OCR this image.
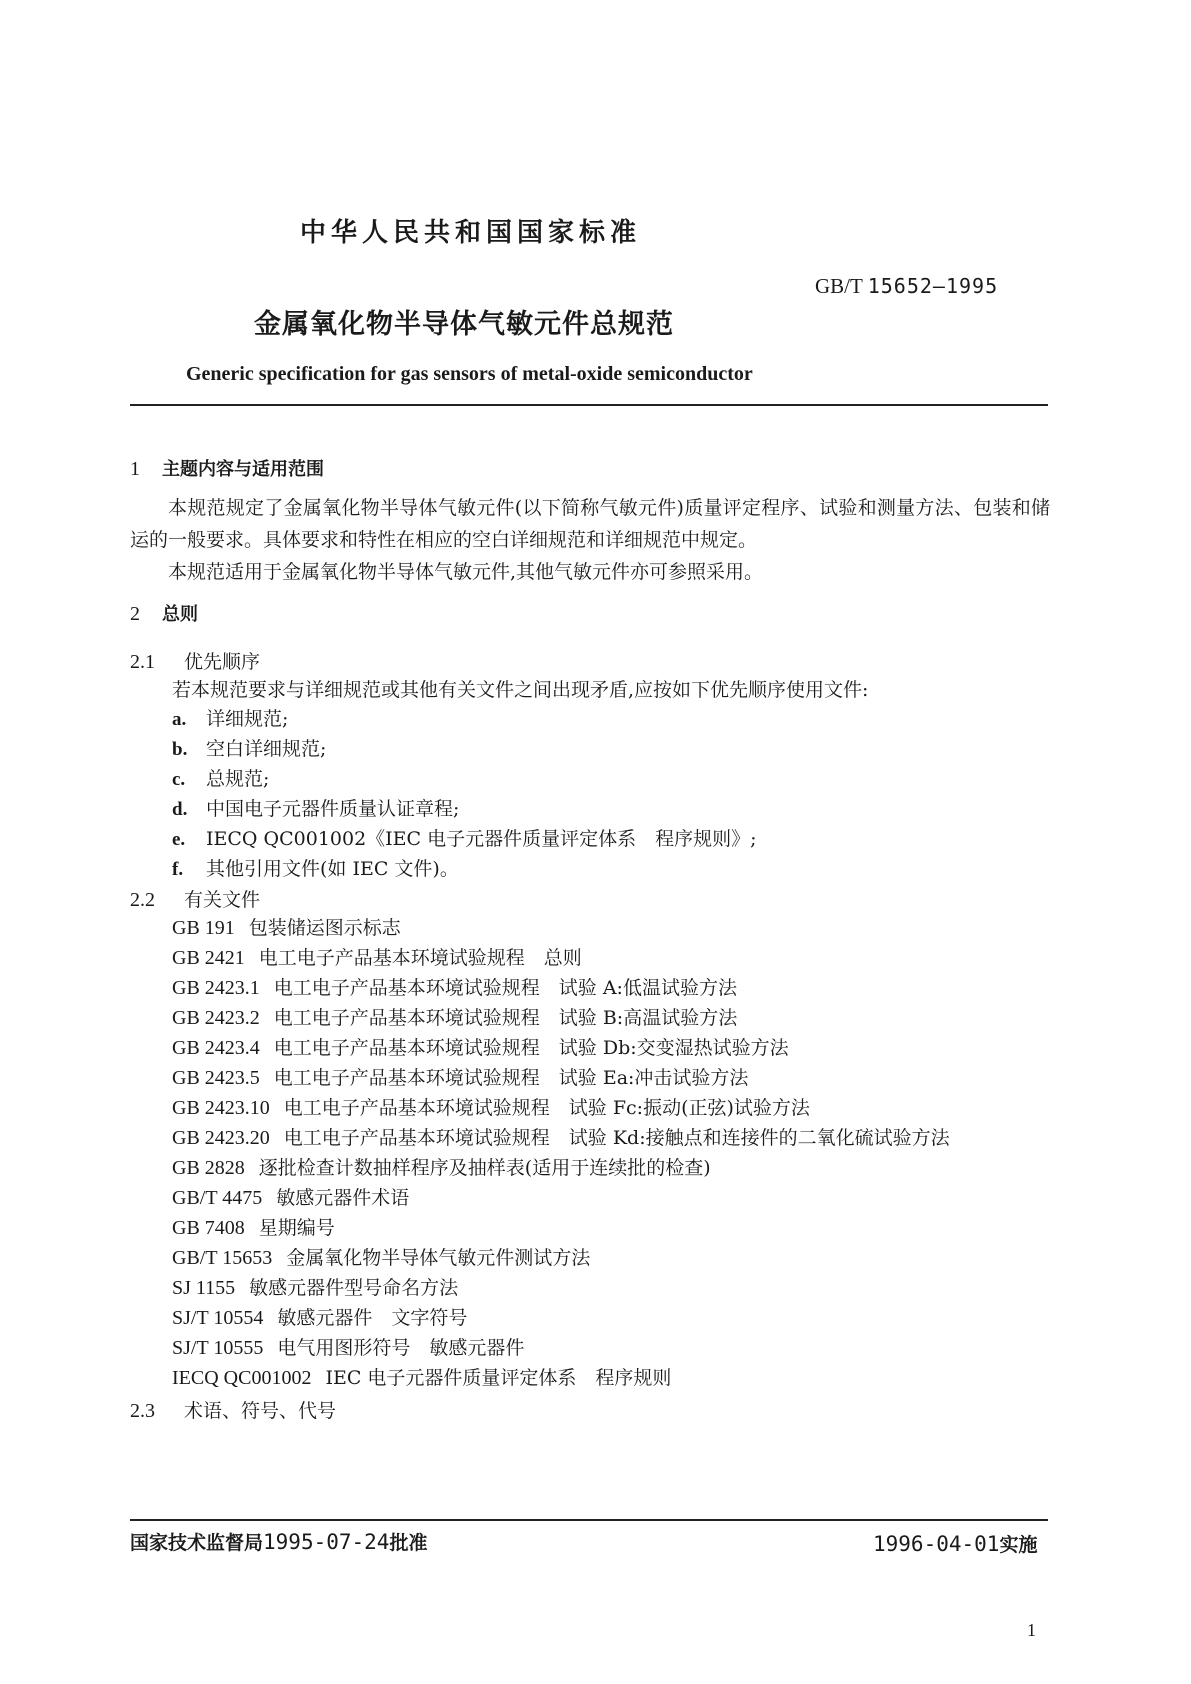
中华人民共和国国家标准
GB/T 15652—1995
金属氧化物半导体气敏元件总规范
Generic specification for gas sensors of metal-oxide semiconductor
1 主题内容与适用范围
本规范规定了金属氧化物半导体气敏元件(以下简称气敏元件)质量评定程序、试验和测量方法、包装和储运的一般要求。具体要求和特性在相应的空白详细规范和详细规范中规定。
本规范适用于金属氧化物半导体气敏元件,其他气敏元件亦可参照采用。
2 总则
2.1 优先顺序
若本规范要求与详细规范或其他有关文件之间出现矛盾,应按如下优先顺序使用文件:
a. 详细规范;
b. 空白详细规范;
c. 总规范;
d. 中国电子元器件质量认证章程;
e. IECQ QC001002《IEC 电子元器件质量评定体系　程序规则》;
f. 其他引用文件(如 IEC 文件)。
2.2 有关文件
GB 191 包装储运图示标志
GB 2421 电工电子产品基本环境试验规程　总则
GB 2423.1 电工电子产品基本环境试验规程　试验 A:低温试验方法
GB 2423.2 电工电子产品基本环境试验规程　试验 B:高温试验方法
GB 2423.4 电工电子产品基本环境试验规程　试验 Db:交变湿热试验方法
GB 2423.5 电工电子产品基本环境试验规程　试验 Ea:冲击试验方法
GB 2423.10 电工电子产品基本环境试验规程　试验 Fc:振动(正弦)试验方法
GB 2423.20 电工电子产品基本环境试验规程　试验 Kd:接触点和连接件的二氧化硫试验方法
GB 2828 逐批检查计数抽样程序及抽样表(适用于连续批的检查)
GB/T 4475 敏感元器件术语
GB 7408 星期编号
GB/T 15653 金属氧化物半导体气敏元件测试方法
SJ 1155 敏感元器件型号命名方法
SJ/T 10554 敏感元器件　文字符号
SJ/T 10555 电气用图形符号　敏感元器件
IECQ QC001002 IEC 电子元器件质量评定体系　程序规则
2.3 术语、符号、代号
国家技术监督局1995-07-24批准	1996-04-01实施
1
